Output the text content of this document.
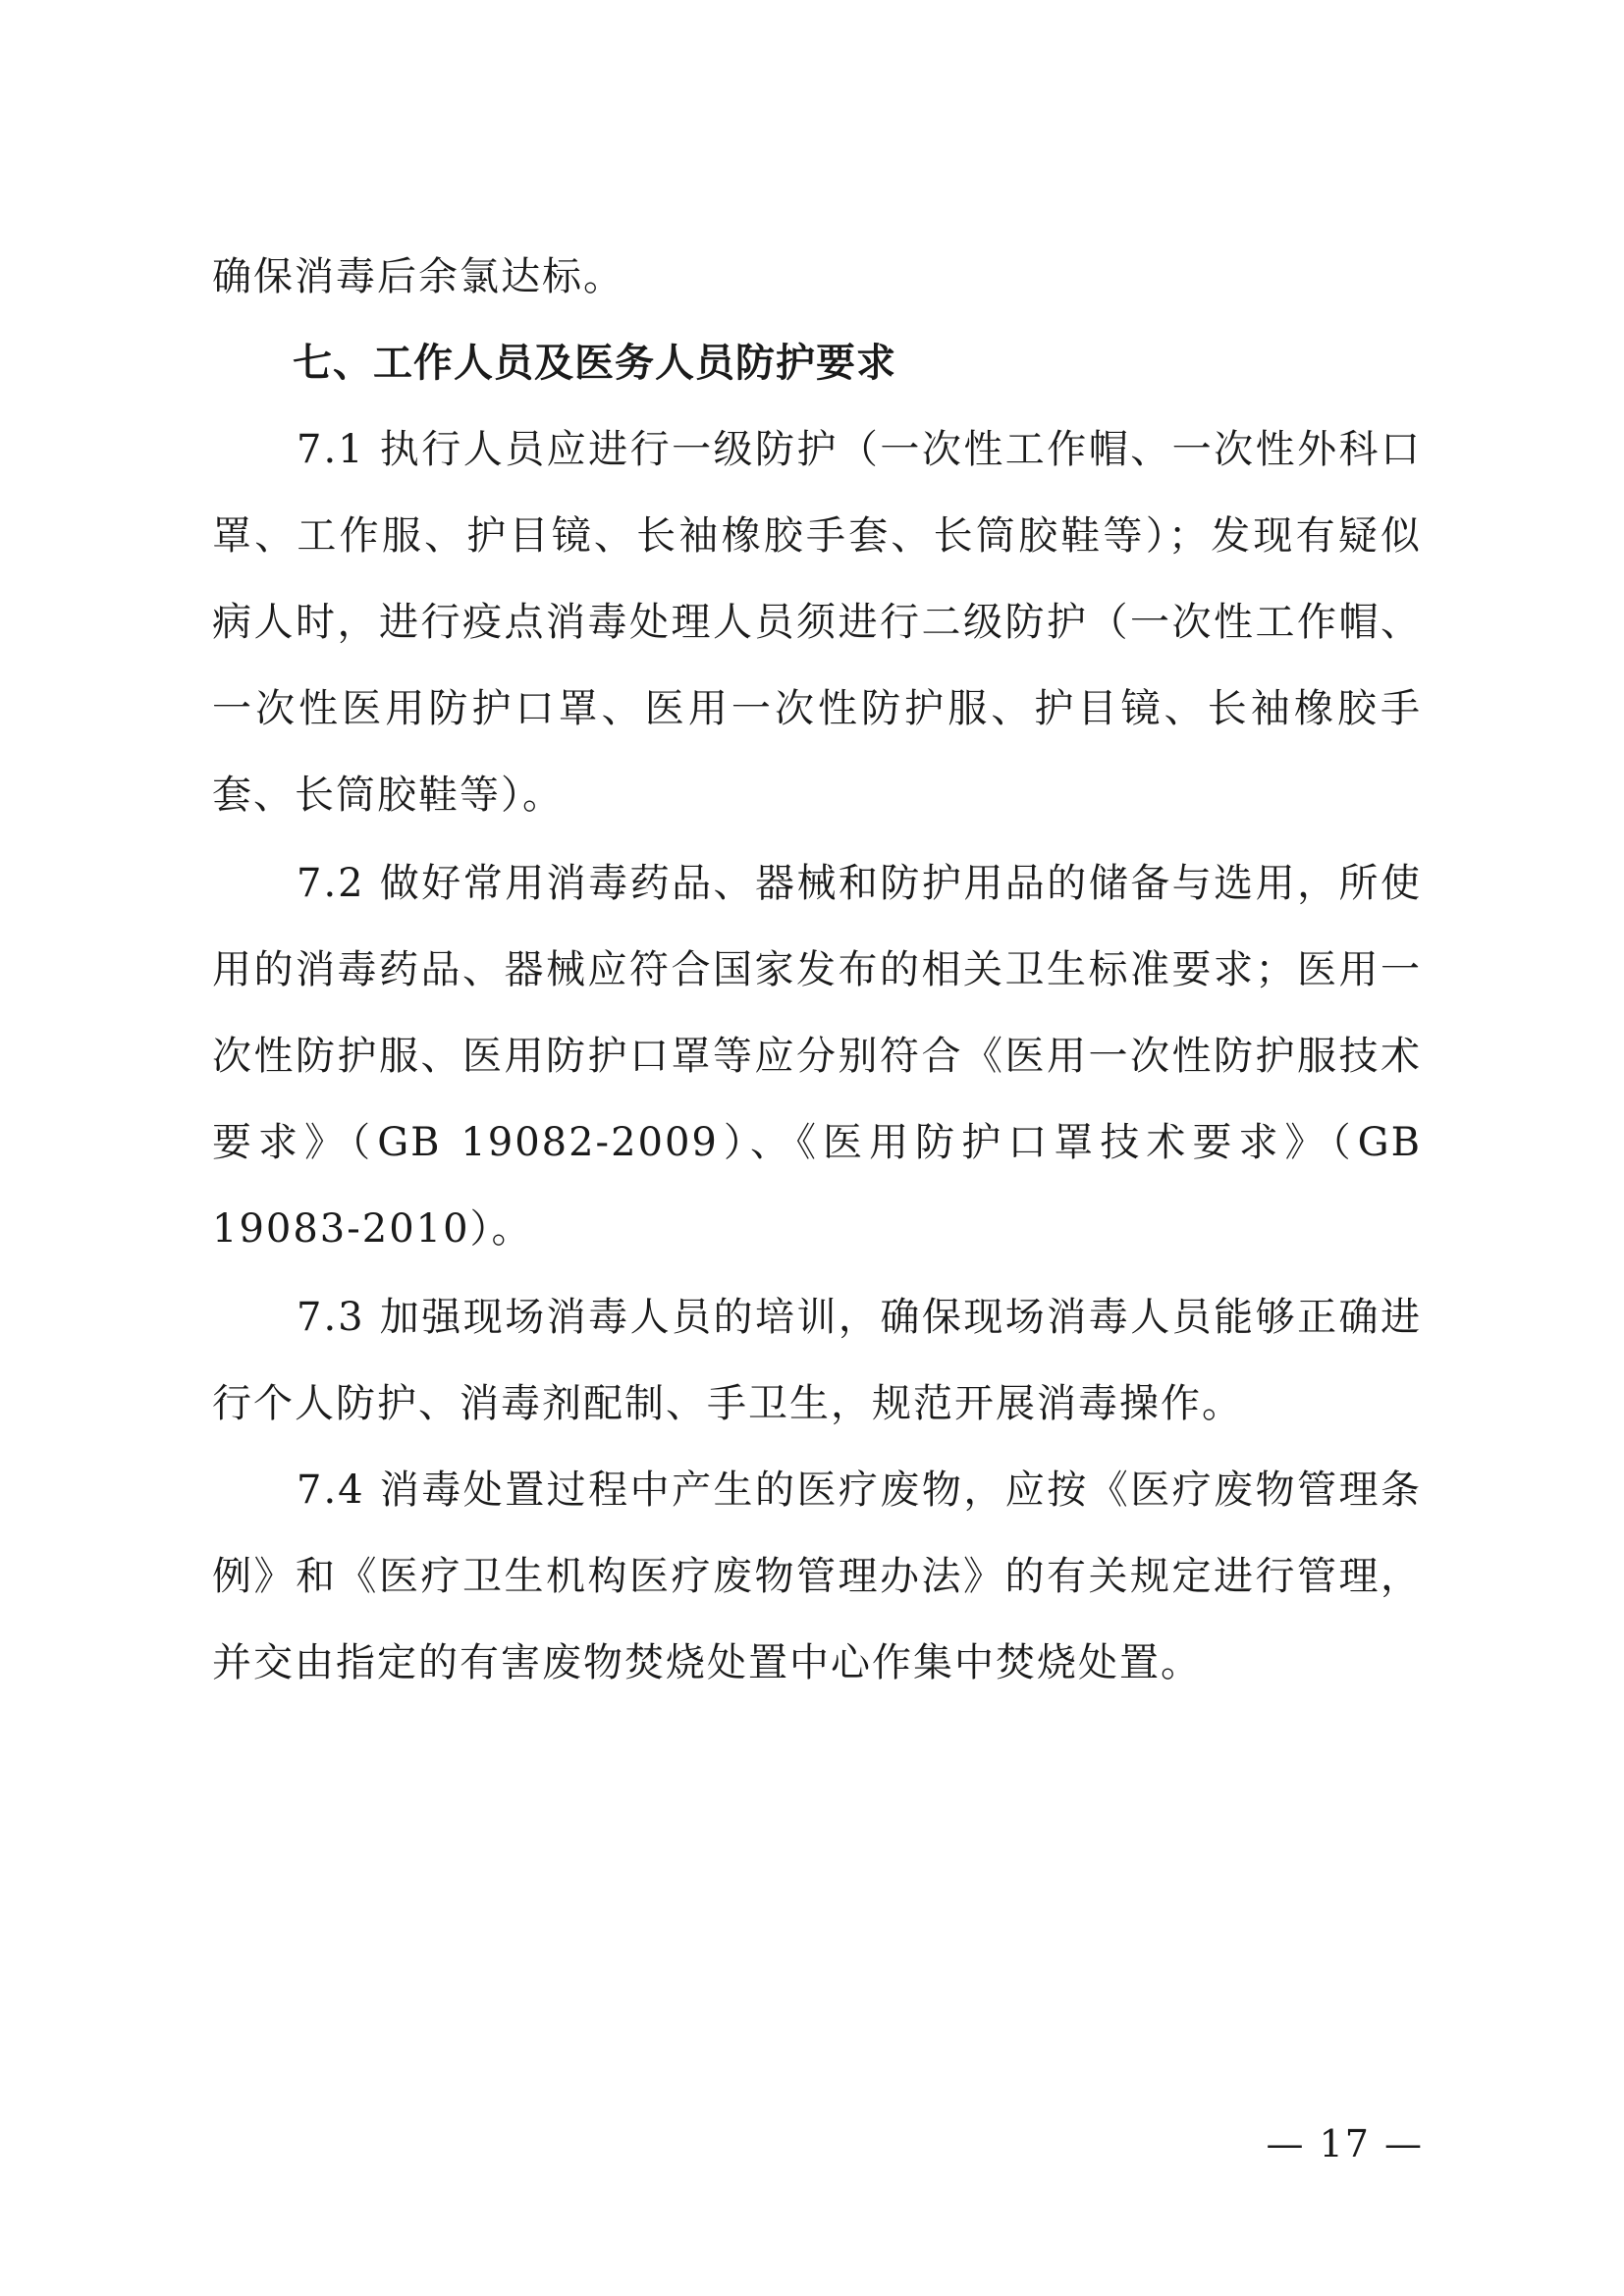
确保消毒后余氯达标。
七、工作人员及医务人员防护要求
7.1 执行人员应进行一级防护（一次性工作帽、一次性外科口罩、工作服、护目镜、长袖橡胶手套、长筒胶鞋等）；发现有疑似病人时，进行疫点消毒处理人员须进行二级防护（一次性工作帽、一次性医用防护口罩、医用一次性防护服、护目镜、长袖橡胶手套、长筒胶鞋等）。
7.2 做好常用消毒药品、器械和防护用品的储备与选用，所使用的消毒药品、器械应符合国家发布的相关卫生标准要求；医用一次性防护服、医用防护口罩等应分别符合《医用一次性防护服技术要求》（GB 19082-2009）、《医用防护口罩技术要求》（GB 19083-2010）。
7.3 加强现场消毒人员的培训，确保现场消毒人员能够正确进行个人防护、消毒剂配制、手卫生，规范开展消毒操作。
7.4 消毒处置过程中产生的医疗废物，应按《医疗废物管理条例》和《医疗卫生机构医疗废物管理办法》的有关规定进行管理，并交由指定的有害废物焚烧处置中心作集中焚烧处置。
— 17 —
